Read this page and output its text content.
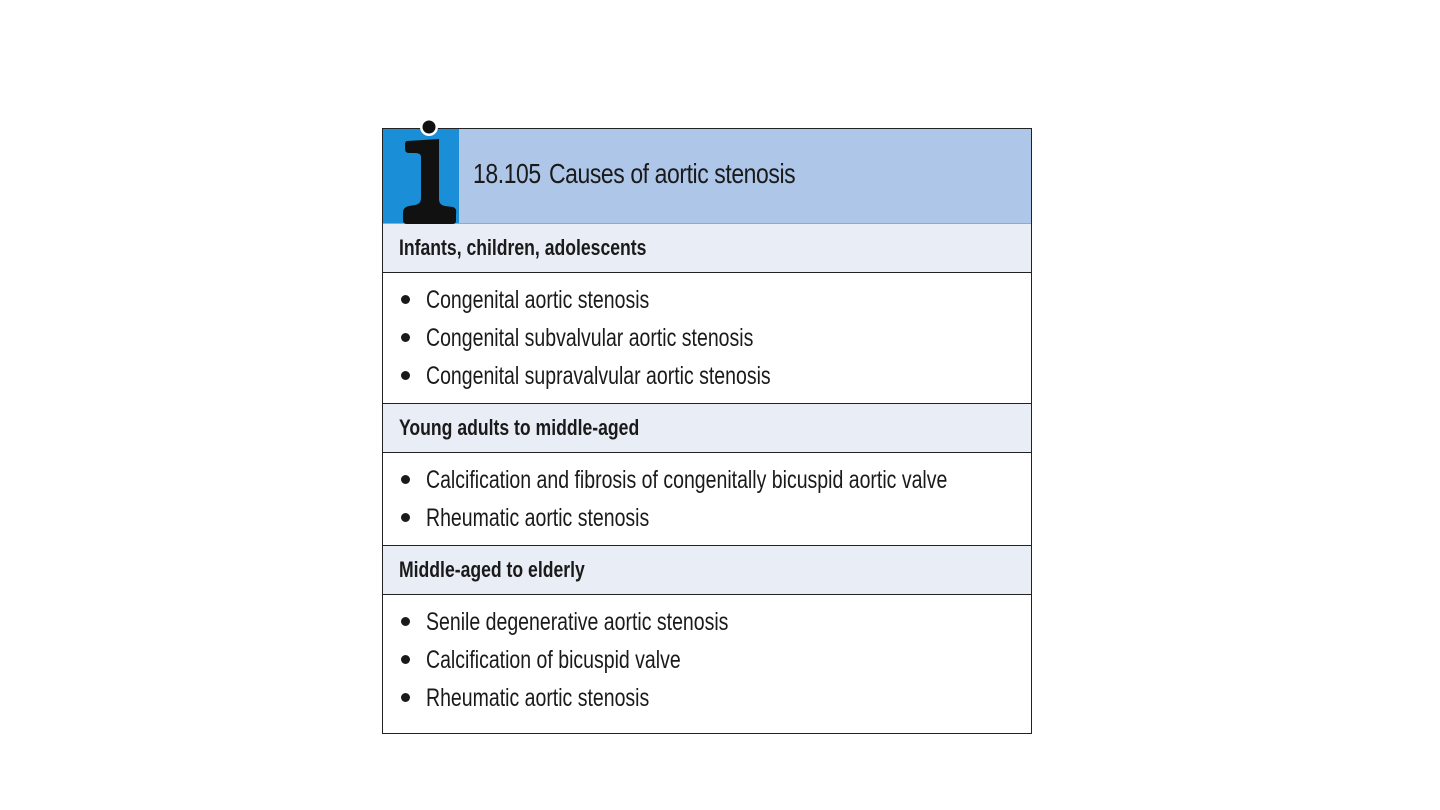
18.105 Causes of aortic stenosis
Infants, children, adolescents
Congenital aortic stenosis
Congenital subvalvular aortic stenosis
Congenital supravalvular aortic stenosis
Young adults to middle-aged
Calcification and fibrosis of congenitally bicuspid aortic valve
Rheumatic aortic stenosis
Middle-aged to elderly
Senile degenerative aortic stenosis
Calcification of bicuspid valve
Rheumatic aortic stenosis
